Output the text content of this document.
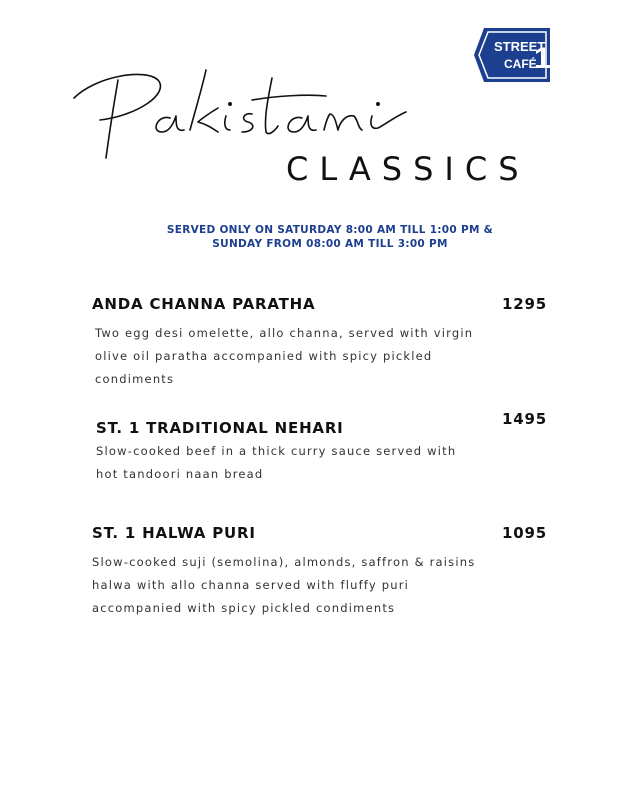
STREET
CAFÉ
1
CLASSICS
SERVED ONLY ON SATURDAY 8:00 AM TILL 1:00 PM &
SUNDAY FROM 08:00 AM TILL 3:00 PM
ANDA CHANNA PARATHA	1295
Two egg desi omelette, allo channa, served with virgin
olive oil paratha accompanied with spicy pickled
condiments
ST. 1 TRADITIONAL NEHARI	1495
Slow-cooked beef in a thick curry sauce served with
hot tandoori naan bread
ST. 1 HALWA PURI	1095
Slow-cooked suji (semolina), almonds, saffron & raisins
halwa with allo channa served with fluffy puri
accompanied with spicy pickled condiments
